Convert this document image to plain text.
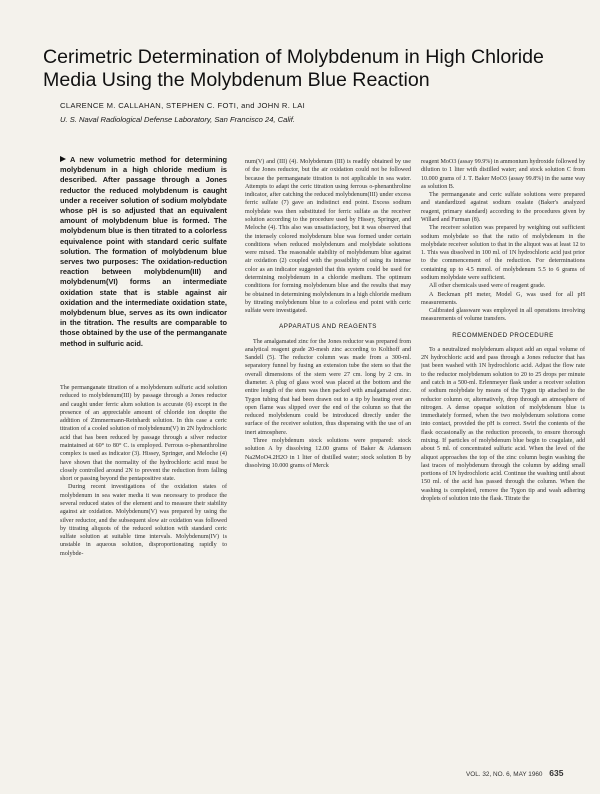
Cerimetric Determination of Molybdenum in High Chloride Media Using the Molybdenum Blue Reaction
CLARENCE M. CALLAHAN, STEPHEN C. FOTI, and JOHN R. LAI
U. S. Naval Radiological Defense Laboratory, San Francisco 24, Calif.
A new volumetric method for determining molybdenum in a high chloride medium is described. After passage through a Jones reductor the reduced molybdenum is caught under a receiver solution of sodium molybdate whose pH is so adjusted that an equivalent amount of molybdenum blue is formed. The molybdenum blue is then titrated to a colorless equivalence point with standard ceric sulfate solution. The formation of molybdenum blue serves two purposes: The oxidation-reduction reaction between molybdenum(III) and molybdenum(VI) forms an intermediate oxidation state that is stable against air oxidation and the intermediate oxidation state, molybdenum blue, serves as its own indicator in the titration. The results are comparable to those obtained by the use of the permanganate method in sulfuric acid.

The permanganate titration of a molybdenum sulfuric acid solution reduced to molybdenum(III) by passage through a Jones reductor and caught under ferric alum solution is accurate (6) except in the presence of an appreciable amount of chloride ion despite the addition of Zimmermann-Reinhardt solution. In this case a ceric titration of a cooled solution of molybdenum(V) in 2N hydrochloric acid that has been reduced by passage through a silver reductor maintained at 60° to 80° C. is employed. Ferrous o-phenanthroline complex is used as indicator (3). Hissey, Springer, and Meloche (4) have shown that the normality of the hydrochloric acid must be closely controlled around 2N to prevent the reduction from falling short or passing beyond the pentapositive state.

During recent investigations of the oxidation states of molybdenum in sea water media it was necessary to produce the several reduced states of the element and to measure their stability against air oxidation. Molybdenum(V) was prepared by using the silver reductor, and the subsequent slow air oxidation was followed by titrating aliquots of the reduced solution with standard ceric sulfate solution at suitable time intervals. Molybdenum(IV) is unstable in aqueous solution, disproportionating rapidly to molybde-

num(V) and (III) (4). Molybdenum (III) is readily obtained by use of the Jones reductor, but the air oxidation could not be followed because the permanganate titration is not applicable in sea water. Attempts to adapt the ceric titration using ferrous o-phenanthroline indicator, after catching the reduced molybdenum(III) under excess ferric sulfate (7) gave an indistinct end point. Excess sodium molybdate was then substituted for ferric sulfate as the receiver solution according to the procedure used by Hissey, Springer, and Meloche (4). This also was unsatisfactory, but it was observed that the intensely colored molybdenum blue was formed under certain conditions when reduced molybdenum and molybdate solutions were mixed. The reasonable stability of molybdenum blue against air oxidation (2) coupled with the possibility of using its intense color as an indicator suggested that this system could be used for determining molybdenum in a chloride medium. The optimum conditions for forming molybdenum blue and the results that may be obtained in determining molybdenum in a high chloride medium by titrating molybdenum blue to a colorless end point with ceric sulfate were investigated.

APPARATUS AND REAGENTS

The amalgamated zinc for the Jones reductor was prepared from analytical reagent grade 20-mesh zinc according to Kolthoff and Sandell (5). The reductor column was made from a 300-ml. separatory funnel by fusing an extension tube the stem so that the overall dimensions of the stem were 27 cm. long by 2 cm. in diameter. A plug of glass wool was placed at the bottom and the entire length of the stem was then packed with amalgamated zinc. Tygon tubing that had been drawn out to a tip by heating over an open flame was slipped over the end of the column so that the reduced molybdenum could be introduced directly under the surface of the receiver solution, thus dispensing with the use of an inert atmosphere.

Three molybdenum stock solutions were prepared: stock solution A by dissolving 12.00 grams of Baker & Adamson Na2MoO4.2H2O in 1 liter of distilled water; stock solution B by dissolving 10.000 grams of Merck

reagent MoO3 (assay 99.9%) in ammonium hydroxide followed by dilution to 1 liter with distilled water; and stock solution C from 10.000 grams of J. T. Baker MoO3 (assay 99.8%) in the same way as solution B.

The permanganate and ceric sulfate solutions were prepared and standardized against sodium oxalate (Baker's analyzed reagent, primary standard) according to the procedures given by Willard and Furman (8).

The receiver solution was prepared by weighing out sufficient sodium molybdate so that the ratio of molybdenum in the molybdate receiver solution to that in the aliquot was at least 12 to 1. This was dissolved in 100 ml. of 1N hydrochloric acid just prior to the commencement of the reduction. For determinations containing up to 4.5 mmol. of molybdenum 5.5 to 6 grams of sodium molybdate were sufficient.

All other chemicals used were of reagent grade.

A Beckman pH meter, Model G, was used for all pH measurements.

Calibrated glassware was employed in all operations involving measurements of volume transfers.

RECOMMENDED PROCEDURE

To a neutralized molybdenum aliquot add an equal volume of 2N hydrochloric acid and pass through a Jones reductor that has just been washed with 1N hydrochloric acid. Adjust the flow rate to the reductor molybdenum solution to 20 to 25 drops per minute and catch in a 500-ml. Erlenmeyer flask under a receiver solution of sodium molybdate by means of the Tygon tip attached to the reductor column or, alternatively, drop through an atmosphere of nitrogen. A dense opaque solution of molybdenum blue is immediately formed, when the two molybdenum solutions come into contact, provided the pH is correct. Swirl the contents of the flask occasionally as the reduction proceeds, to ensure thorough mixing. If particles of molybdenum blue begin to coagulate, add about 5 ml. of concentrated sulfuric acid. When the level of the aliquot approaches the top of the zinc column begin washing the last traces of molybdenum through the column by adding small portions of 1N hydrochloric acid. Continue the washing until about 150 ml. of the acid has passed through the column. When the washing is completed, remove the Tygon tip and wash adhering droplets of solution into the flask. Titrate the

VOL. 32, NO. 6, MAY 1960 635
